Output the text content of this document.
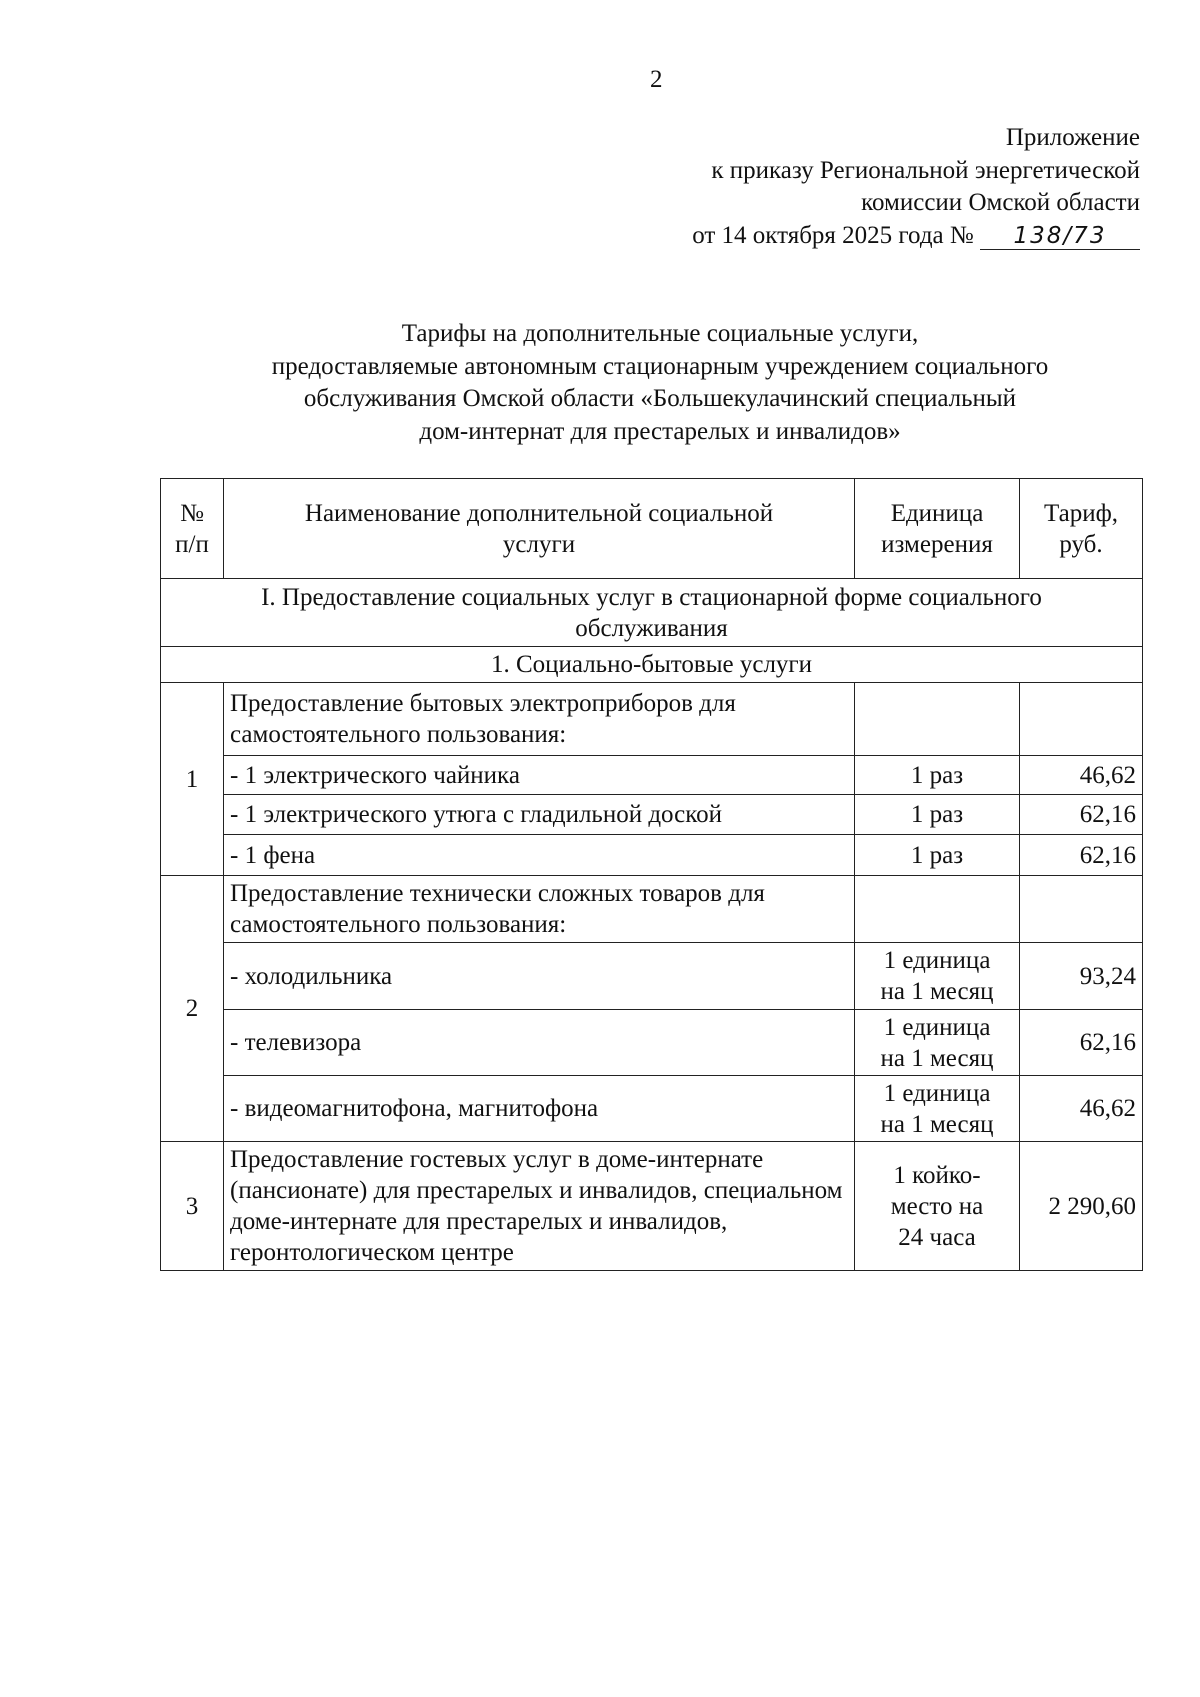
2
Приложение
к приказу Региональной энергетической
комиссии Омской области
от 14 октября 2025 года № 138/73
Тарифы на дополнительные социальные услуги,
предоставляемые автономным стационарным учреждением социального
обслуживания Омской области «Большекулачинский специальный
дом-интернат для престарелых и инвалидов»
№ п/п	Наименование дополнительной социальной услуги	Единица измерения	Тариф, руб.
I. Предоставление социальных услуг в стационарной форме социального обслуживания			
1. Социально-бытовые услуги			
1	Предоставление бытовых электроприборов для самостоятельного пользования:		
	- 1 электрического чайника	1 раз	46,62
	- 1 электрического утюга с гладильной доской	1 раз	62,16
	- 1 фена	1 раз	62,16
2	Предоставление технически сложных товаров для самостоятельного пользования:		
	- холодильника	1 единица на 1 месяц	93,24
	- телевизора	1 единица на 1 месяц	62,16
	- видеомагнитофона, магнитофона	1 единица на 1 месяц	46,62
3	Предоставление гостевых услуг в доме-интернате (пансионате) для престарелых и инвалидов, специальном доме-интернате для престарелых и инвалидов, геронтологическом центре	1 койко-место на 24 часа	2 290,60
